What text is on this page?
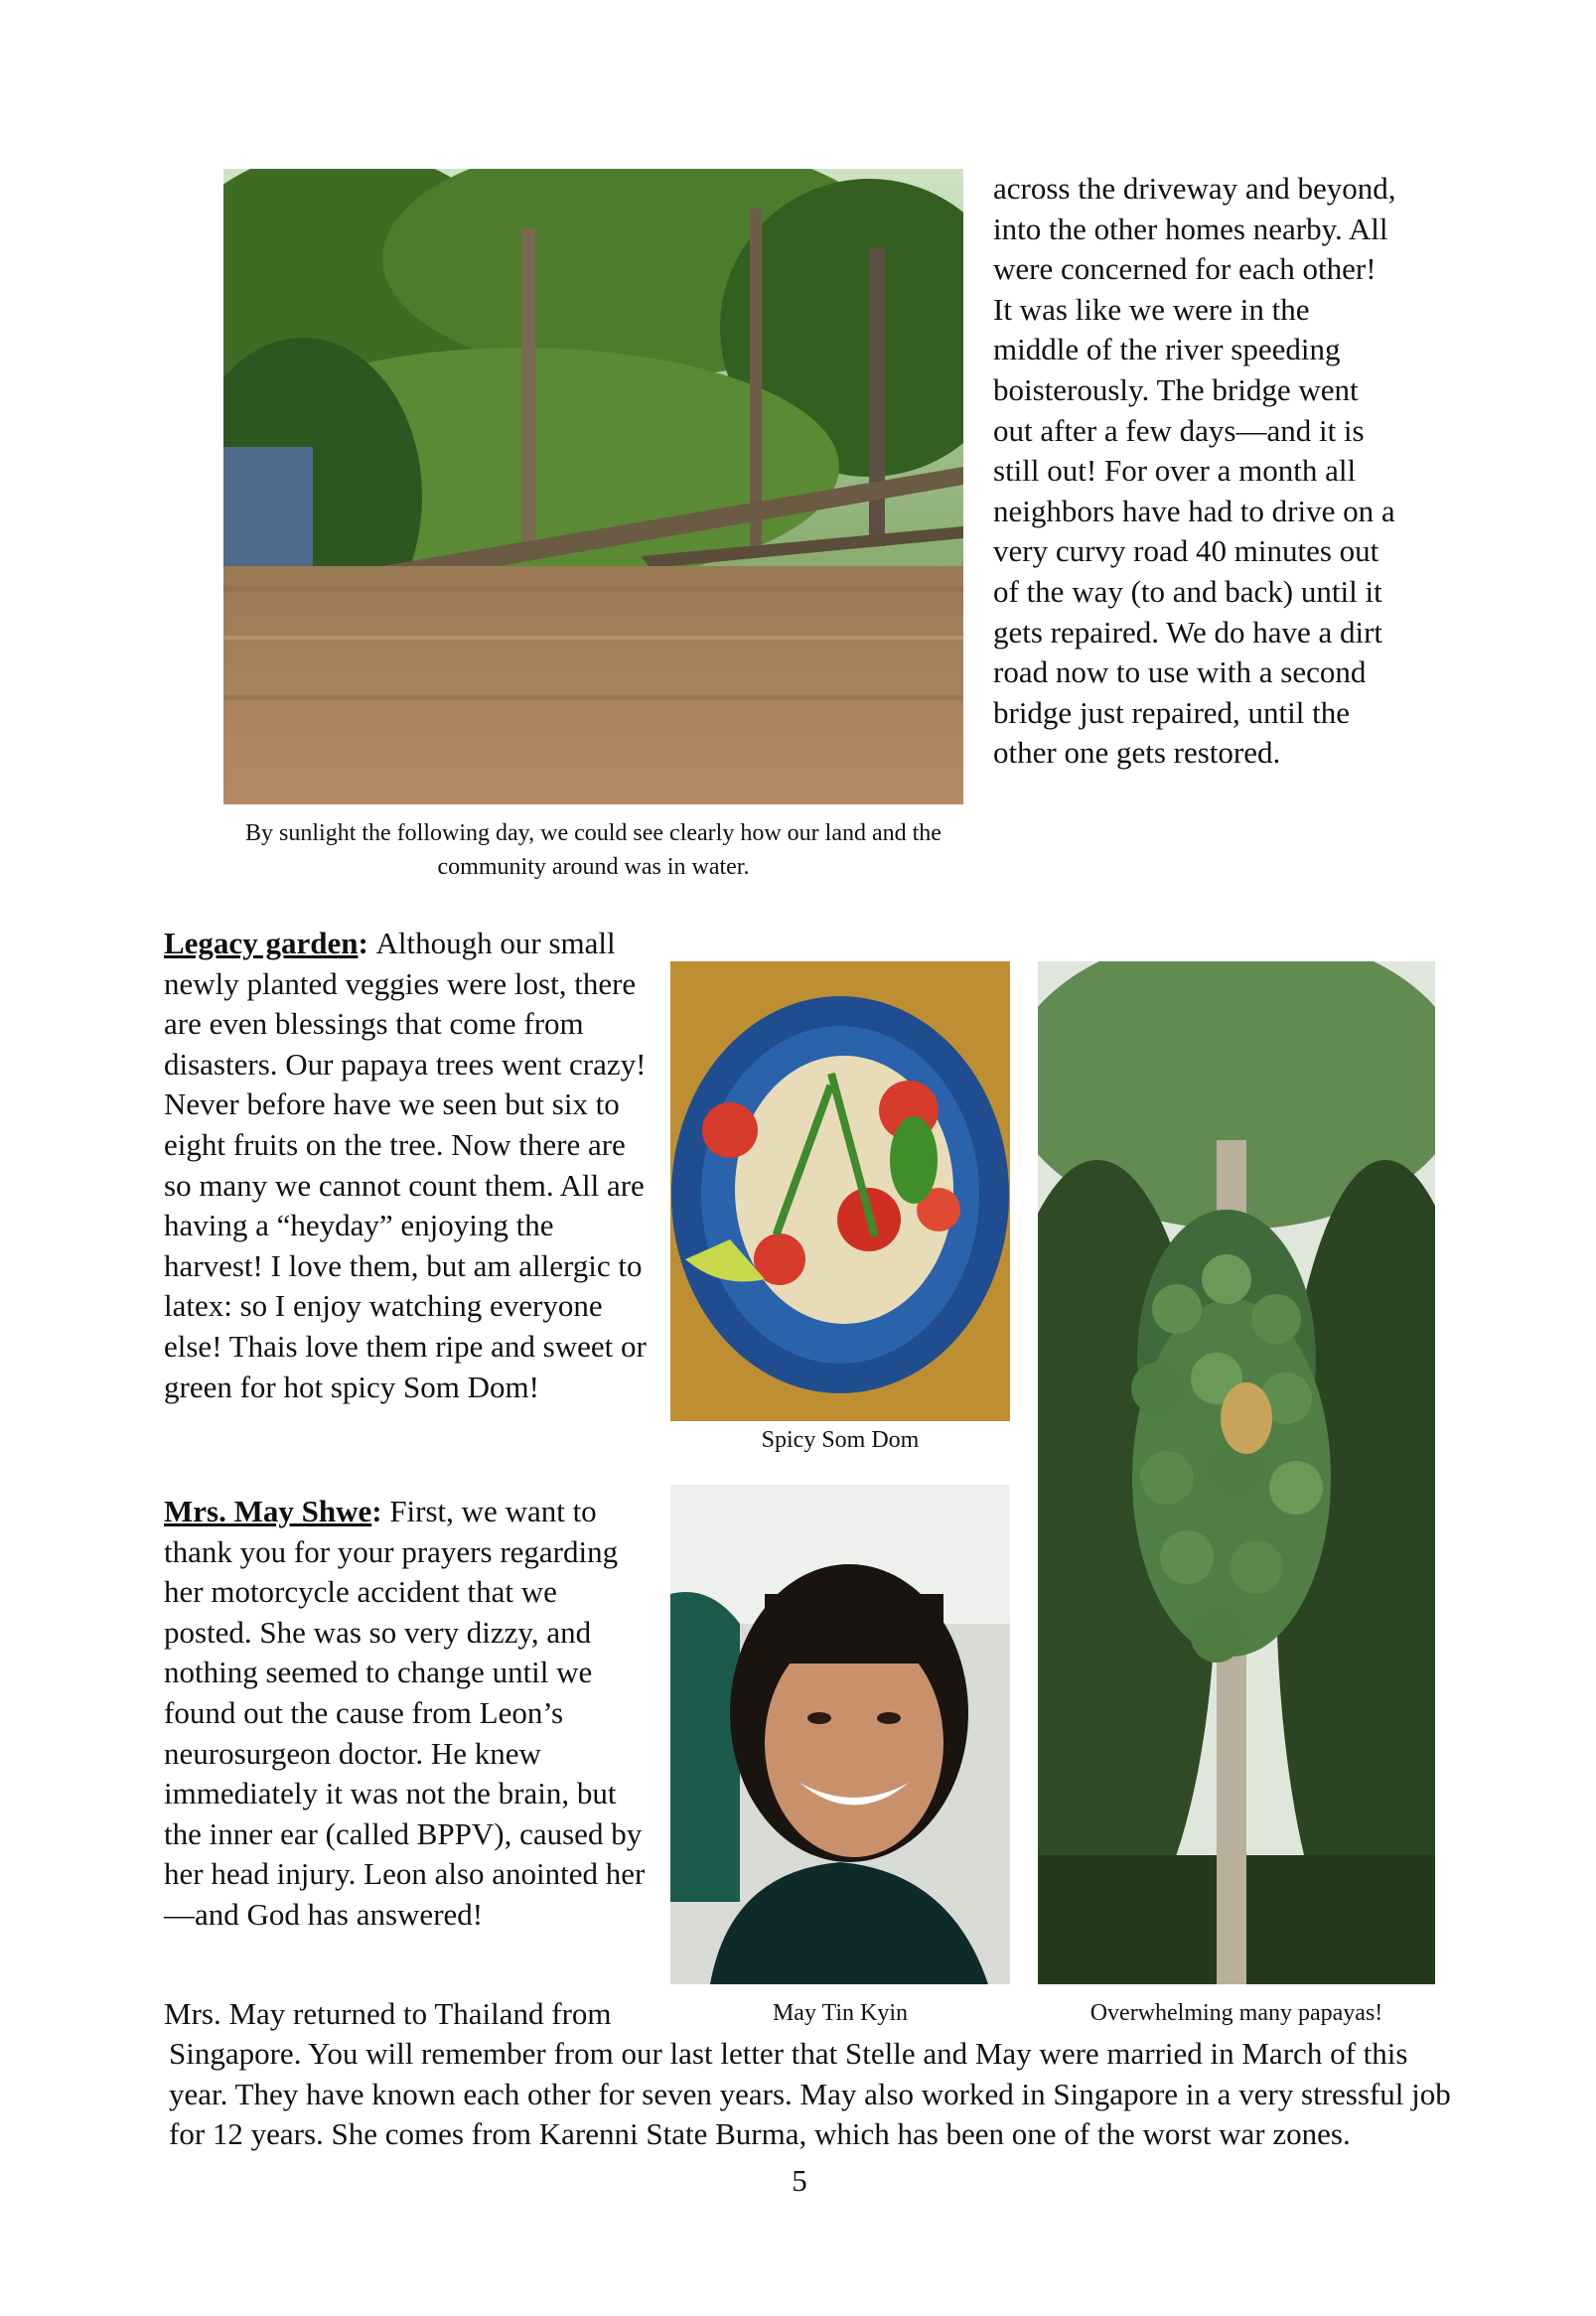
By sunlight the following day, we could see clearly how our land and the community around was in water.

across the driveway and beyond, into the other homes nearby. All were concerned for each other! It was like we were in the middle of the river speeding boisterously. The bridge went out after a few days—and it is still out! For over a month all neighbors have had to drive on a very curvy road 40 minutes out of the way (to and back) until it gets repaired. We do have a dirt road now to use with a second bridge just repaired, until the other one gets restored.

Legacy garden: Although our small newly planted veggies were lost, there are even blessings that come from disasters. Our papaya trees went crazy! Never before have we seen but six to eight fruits on the tree. Now there are so many we cannot count them. All are having a “heyday” enjoying the harvest! I love them, but am allergic to latex: so I enjoy watching everyone else! Thais love them ripe and sweet or green for hot spicy Som Dom!

Mrs. May Shwe: First, we want to thank you for your prayers regarding her motorcycle accident that we posted. She was so very dizzy, and nothing seemed to change until we found out the cause from Leon’s neurosurgeon doctor. He knew immediately it was not the brain, but the inner ear (called BPPV), caused by her head injury. Leon also anointed her—and God has answered!

Mrs. May returned to Thailand from

Singapore. You will remember from our last letter that Stelle and May were married in March of this year. They have known each other for seven years. May also worked in Singapore in a very stressful job for 12 years. She comes from Karenni State Burma, which has been one of the worst war zones.

Spicy Som Dom

May Tin Kyin	Overwhelming many papayas!

5
